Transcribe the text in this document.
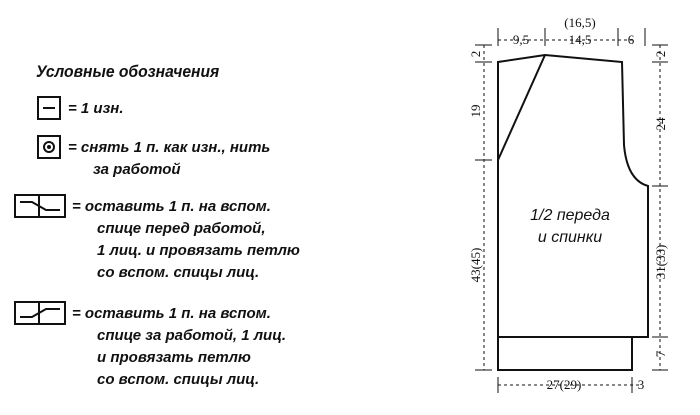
Условные обозначения
= 1 изн.
= снять 1 п. как изн., нить
за работой
= оставить 1 п. на вспом.
спице перед работой,
1 лиц. и провязать петлю
со вспом. спицы лиц.
= оставить 1 п. на вспом.
спице за работой, 1 лиц.
и провязать петлю
со вспом. спицы лиц.
1/2 переда
и спинки
9,5
(16,5)
14,5	6
2
19
43(45)
2
24
31(33)
7
27(29)	3
